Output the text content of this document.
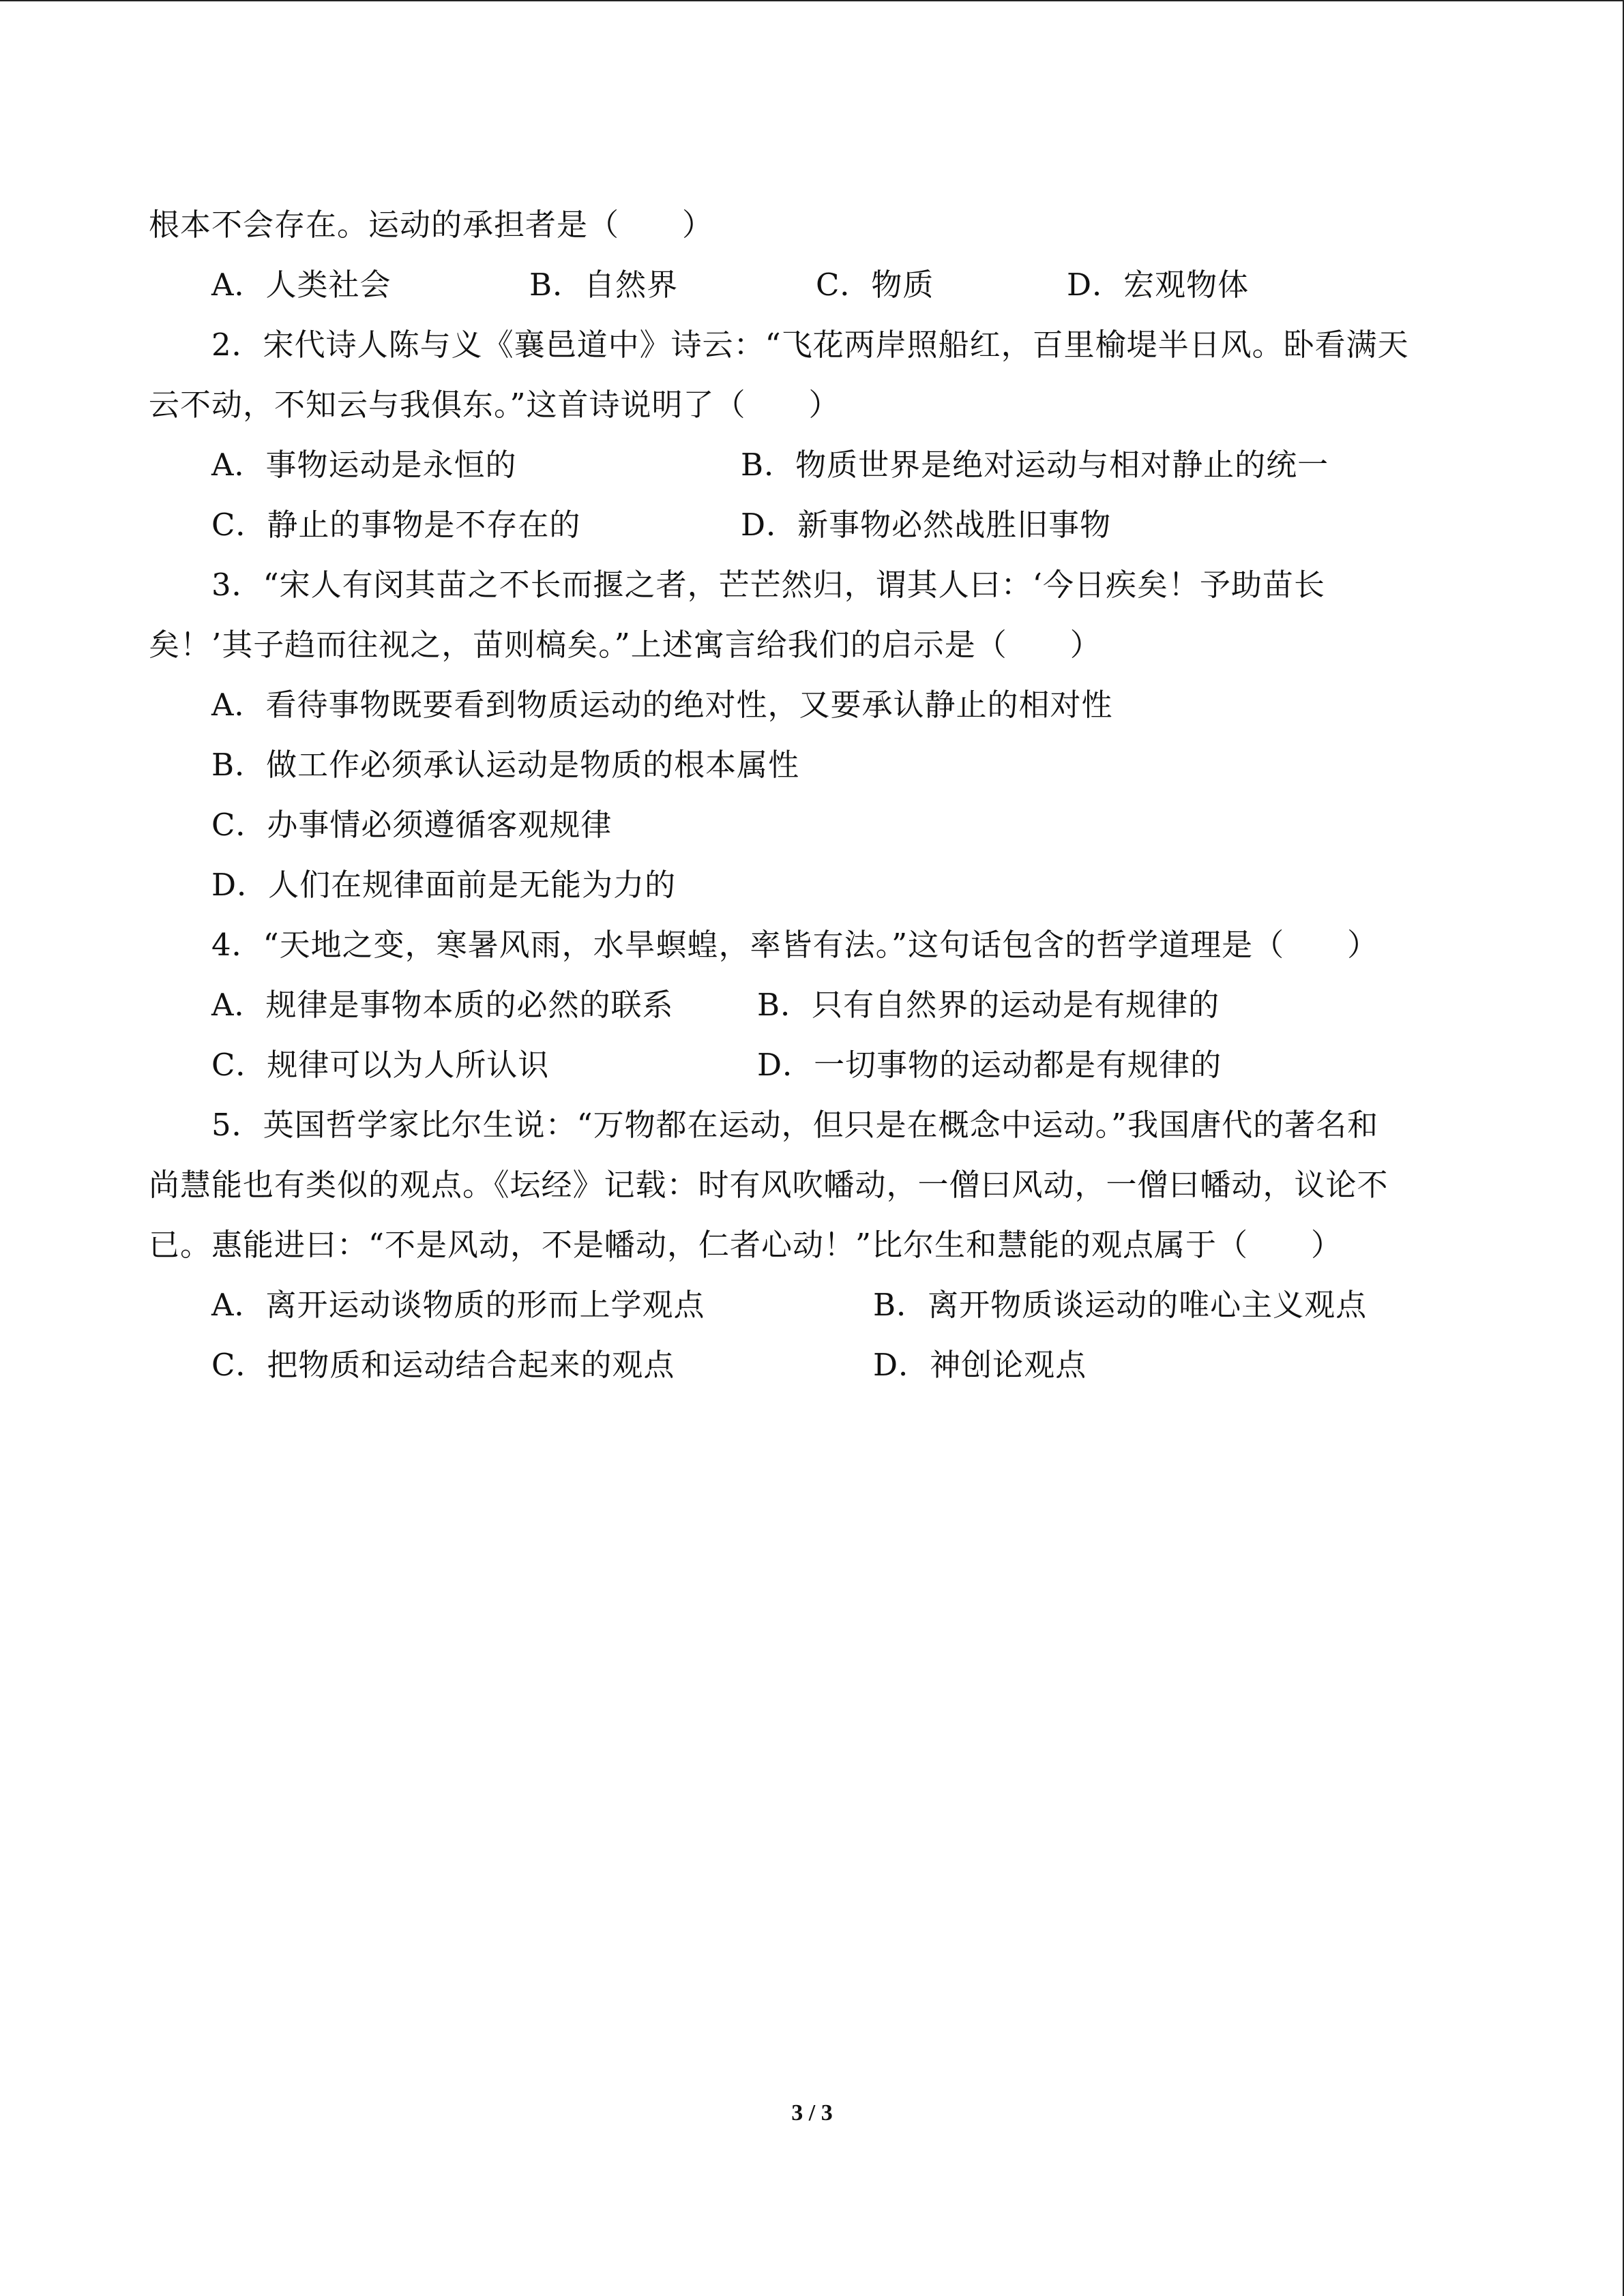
根本不会存在。运动的承担者是（　　）
A．人类社会	B．自然界	C．物质	D．宏观物体
2．宋代诗人陈与义《襄邑道中》诗云：“飞花两岸照船红，百里榆堤半日风。卧看满天
云不动，不知云与我俱东。”这首诗说明了（　　）
A．事物运动是永恒的	B．物质世界是绝对运动与相对静止的统一
C．静止的事物是不存在的	D．新事物必然战胜旧事物
3．“宋人有闵其苗之不长而揠之者，芒芒然归，谓其人曰：‘今日疾矣！予助苗长
矣！’其子趋而往视之，苗则槁矣。”上述寓言给我们的启示是（　　）
A．看待事物既要看到物质运动的绝对性，又要承认静止的相对性
B．做工作必须承认运动是物质的根本属性
C．办事情必须遵循客观规律
D．人们在规律面前是无能为力的
4．“天地之变，寒暑风雨，水旱螟蝗，率皆有法。”这句话包含的哲学道理是（　　）
A．规律是事物本质的必然的联系	B．只有自然界的运动是有规律的
C．规律可以为人所认识	D．一切事物的运动都是有规律的
5．英国哲学家比尔生说：“万物都在运动，但只是在概念中运动。”我国唐代的著名和
尚慧能也有类似的观点。《坛经》记载：时有风吹幡动，一僧曰风动，一僧曰幡动，议论不
已。惠能进曰：“不是风动，不是幡动，仁者心动！”比尔生和慧能的观点属于（　　）
A．离开运动谈物质的形而上学观点	B．离开物质谈运动的唯心主义观点
C．把物质和运动结合起来的观点	D．神创论观点
3 / 3
